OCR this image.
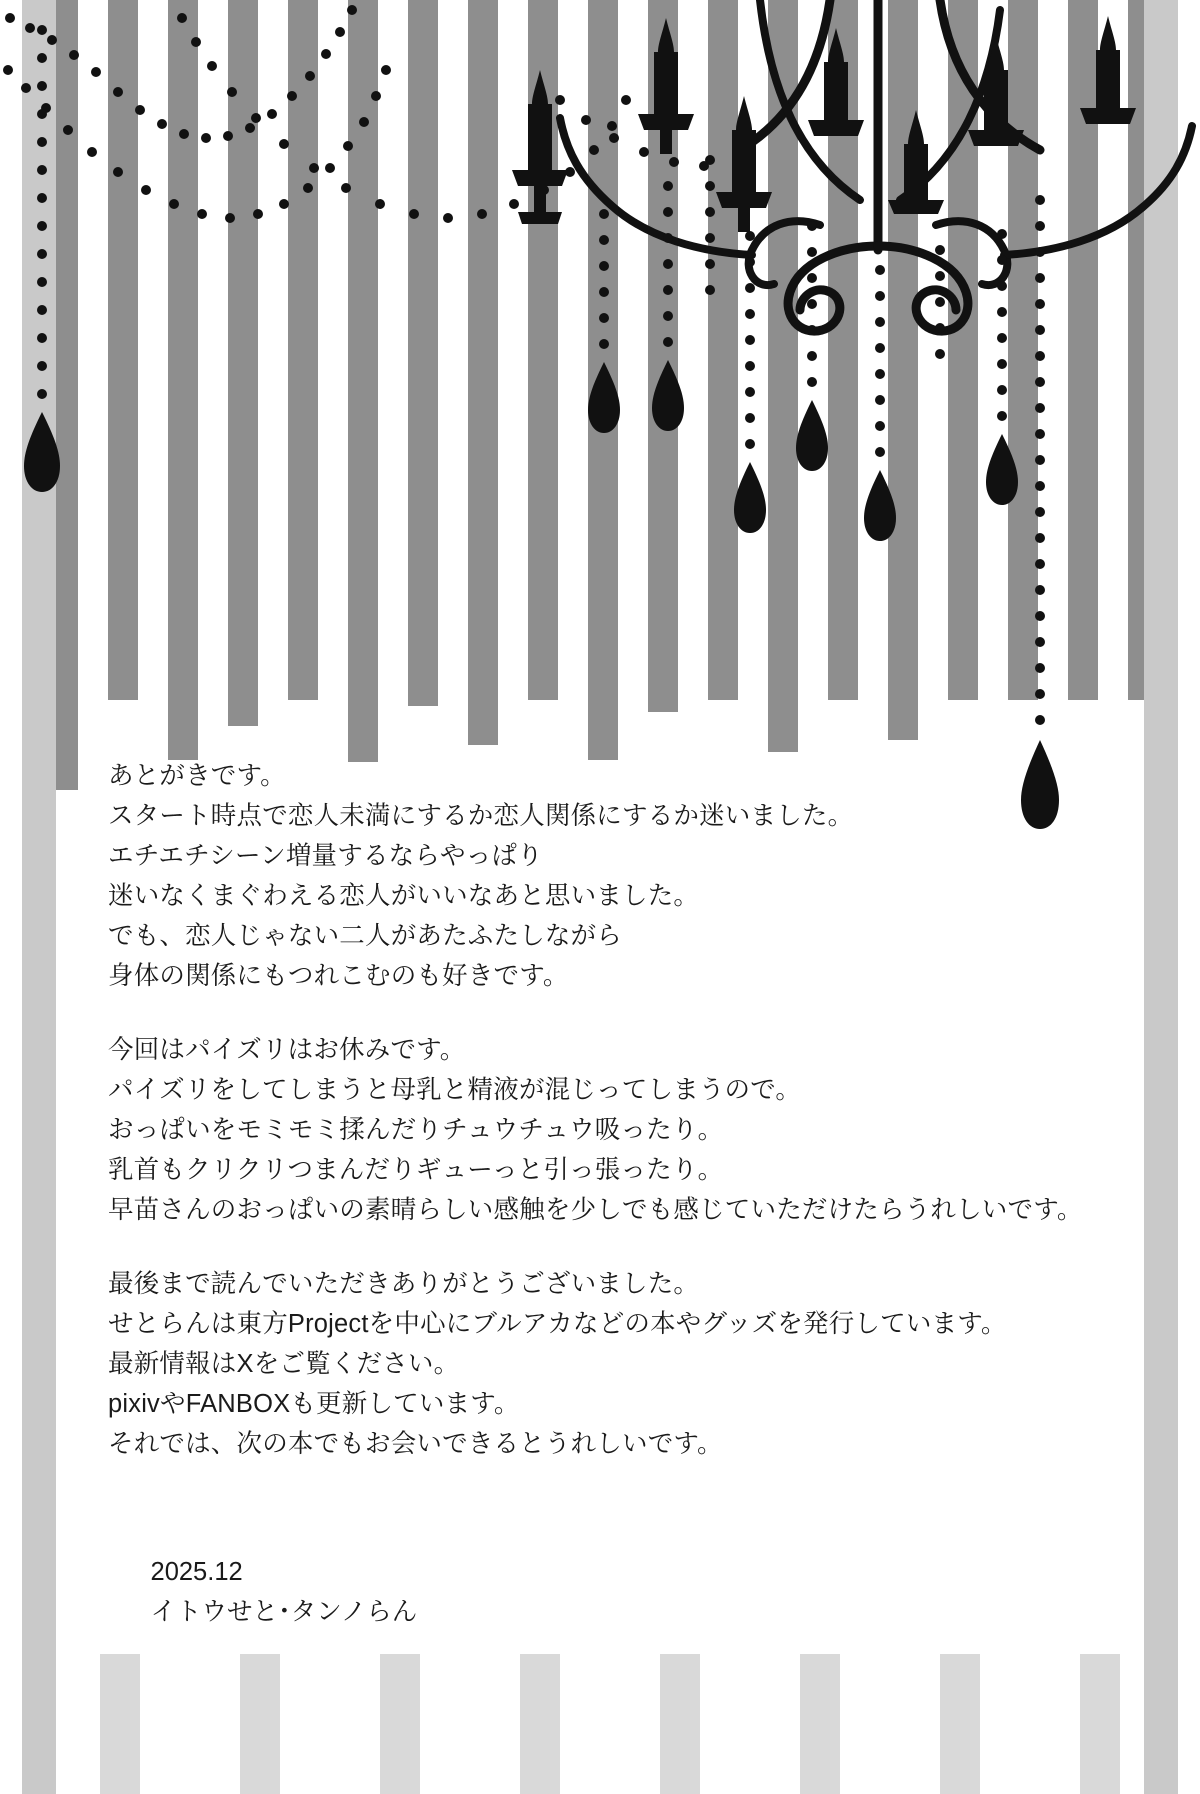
あとがきです。
スタート時点で恋人未満にするか恋人関係にするか迷いました。
エチエチシーン増量するならやっぱり
迷いなくまぐわえる恋人がいいなあと思いました。
でも、恋人じゃない二人があたふたしながら
身体の関係にもつれこむのも好きです。
今回はパイズリはお休みです。
パイズリをしてしまうと母乳と精液が混じってしまうので。
おっぱいをモミモミ揉んだりチュウチュウ吸ったり。
乳首もクリクリつまんだりギューっと引っ張ったり。
早苗さんのおっぱいの素晴らしい感触を少しでも感じていただけたらうれしいです。
最後まで読んでいただきありがとうございました。
せとらんは東方Projectを中心にブルアカなどの本やグッズを発行しています。
最新情報はXをご覧ください。
pixivやFANBOXも更新しています。
それでは、次の本でもお会いできるとうれしいです。

2025.12
イトウせと･タンノらん
